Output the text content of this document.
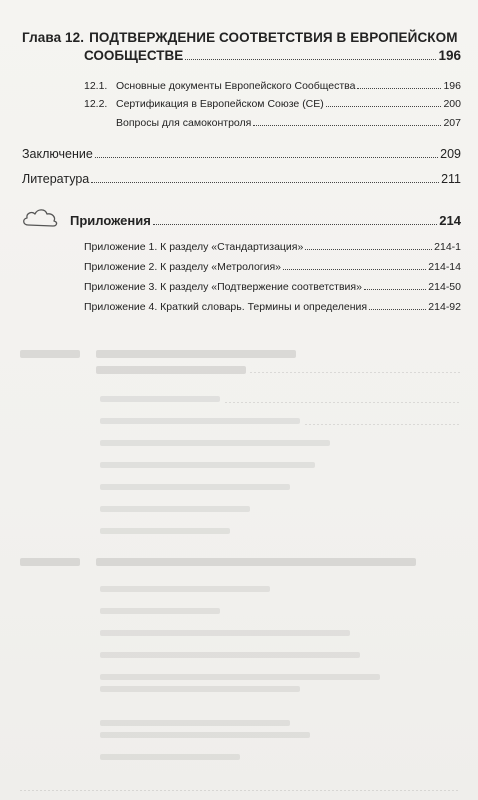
Глава 12. ПОДТВЕРЖДЕНИЕ СООТВЕТСТВИЯ В ЕВРОПЕЙСКОМ
СООБЩЕСТВЕ	196
12.1. Основные документы Европейского Сообщества	196
12.2. Сертификация в Европейском Союзе (CE)	200
Вопросы для самоконтроля	207
Заключение	209
Литература	211
Приложения	214
Приложение 1. К разделу «Стандартизация»	214-1
Приложение 2. К разделу «Метрология»	214-14
Приложение 3. К разделу «Подтвержение соответствия»	214-50
Приложение 4. Краткий словарь. Термины и определения	214-92
